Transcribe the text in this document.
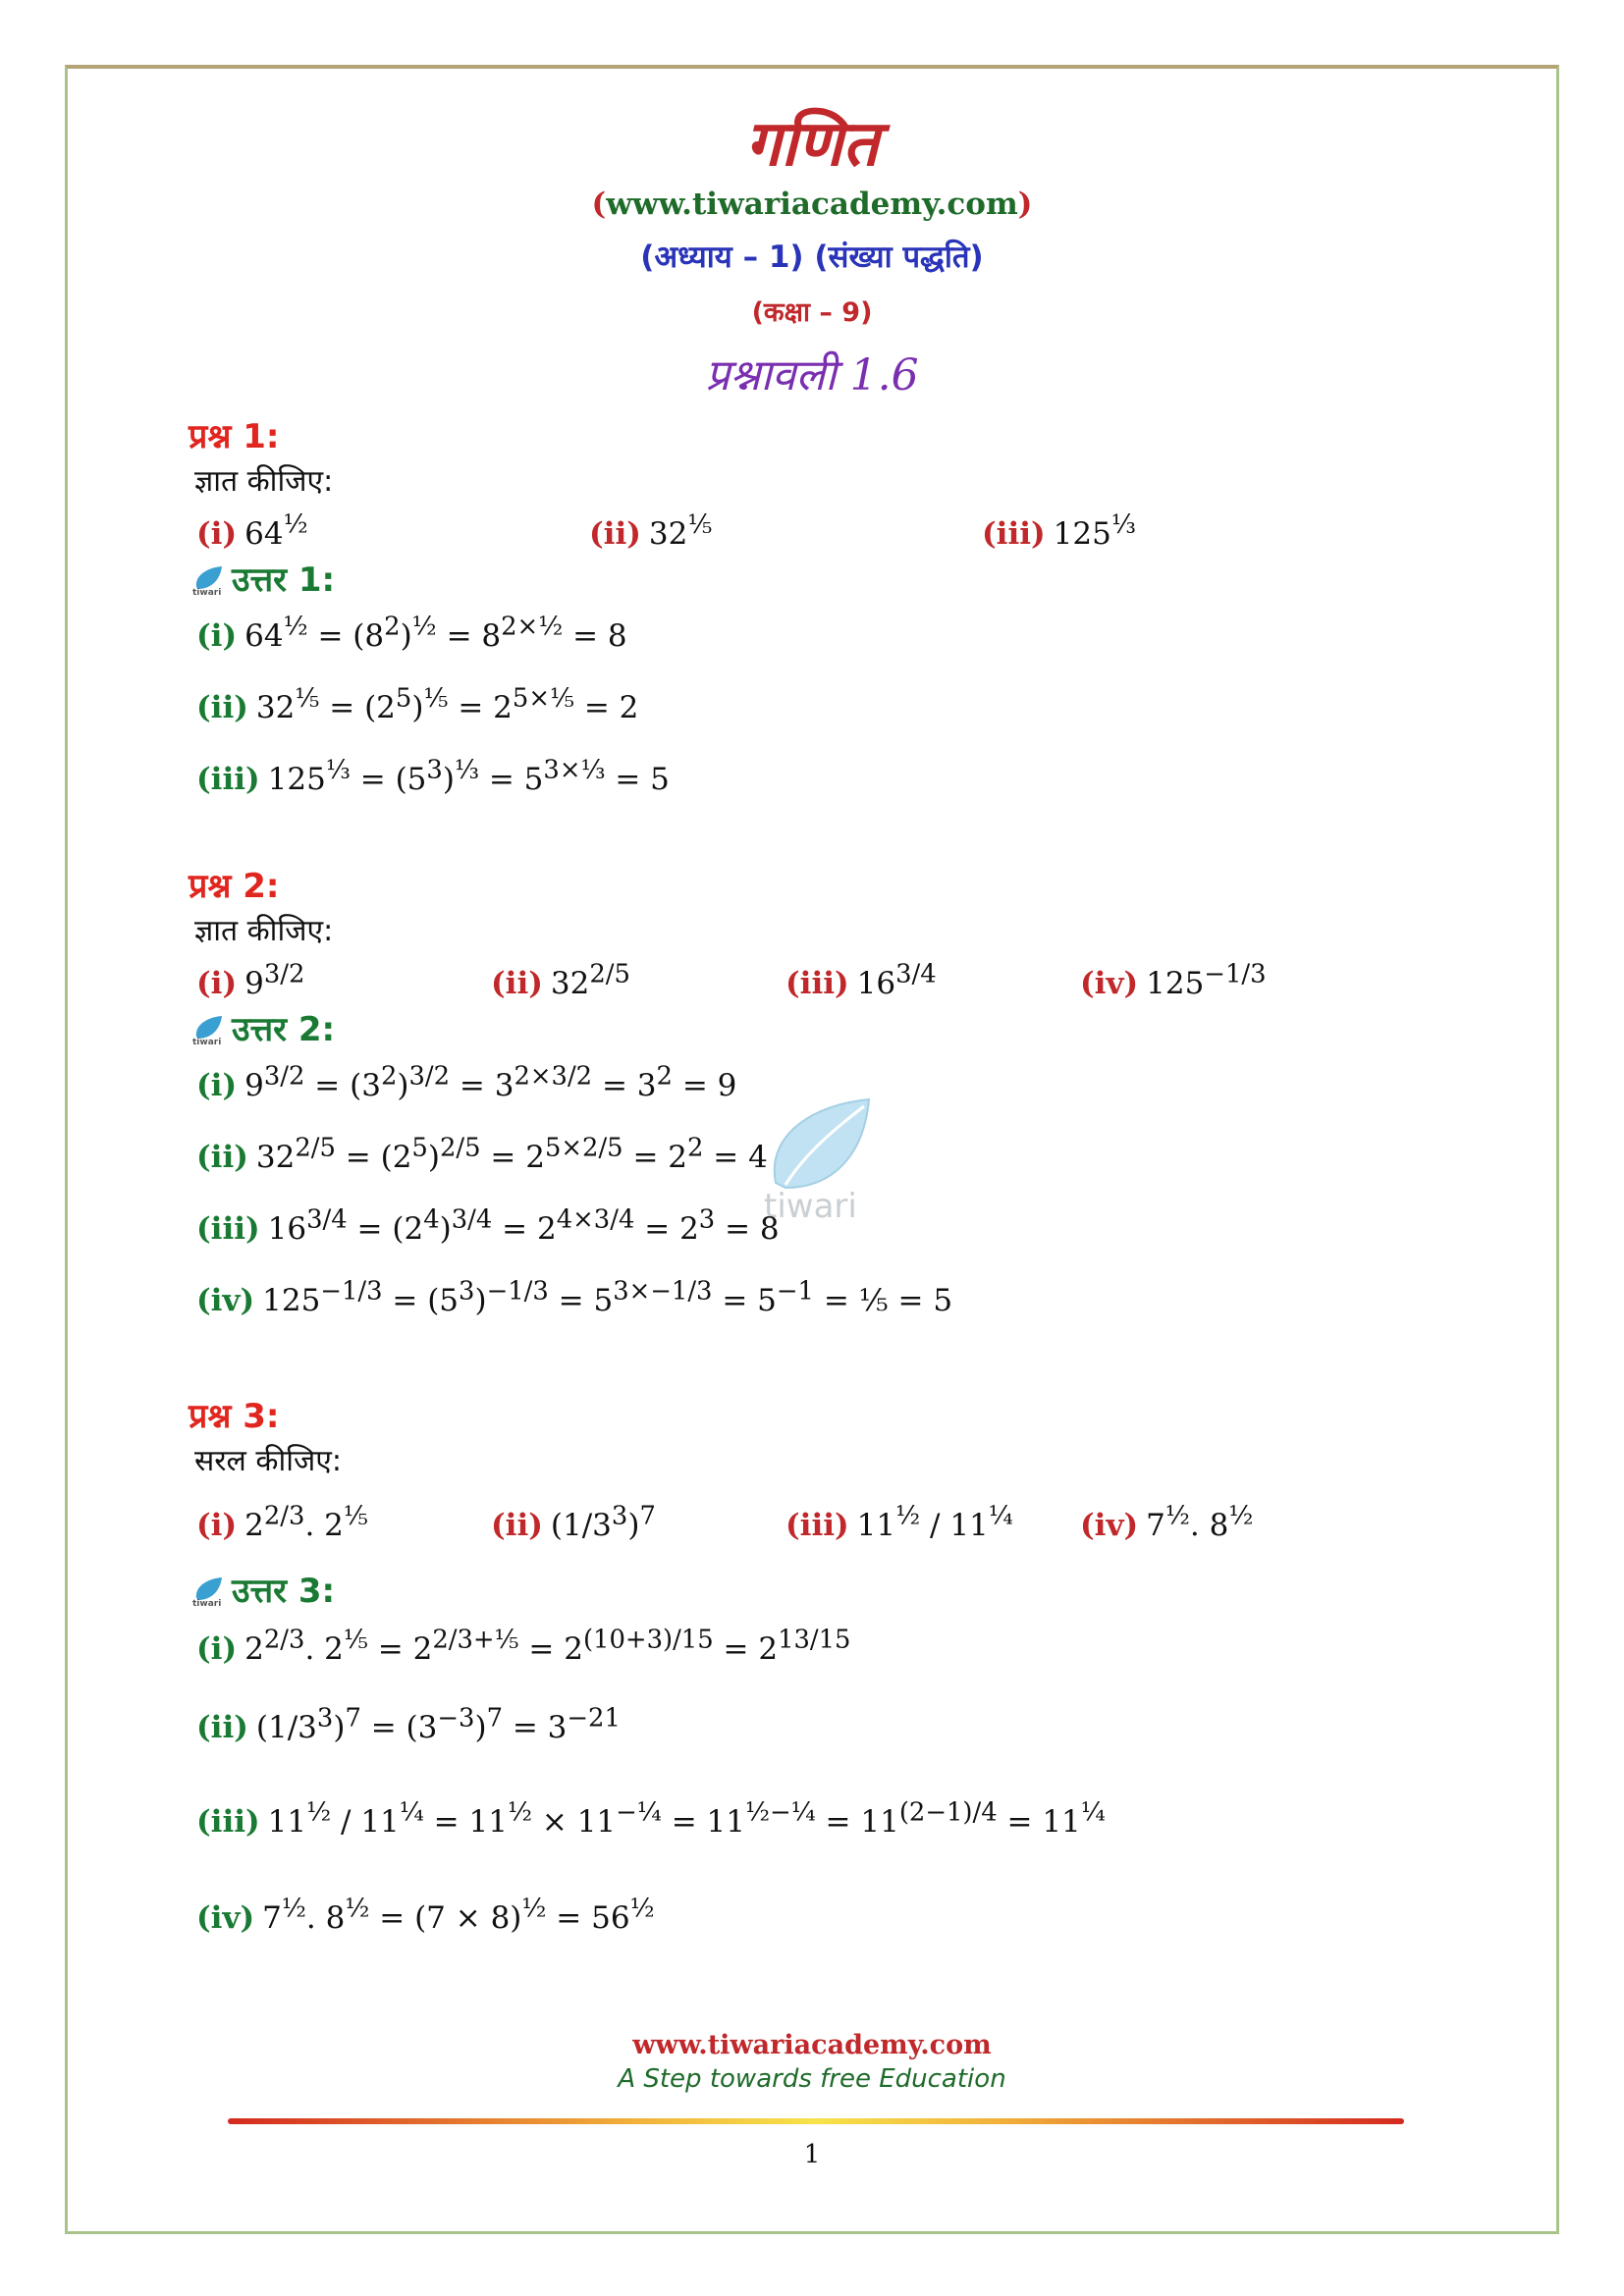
गणित
(www.tiwariacademy.com)
(अध्याय – 1) (संख्या पद्धति)
(कक्षा – 9)
प्रश्नावली 1.6
tiwari
प्रश्न 1:
ज्ञात कीजिए:
(i) $64^{\frac{1}{2}}$	(ii) $32^{\frac{1}{5}}$	(iii) $125^{\frac{1}{3}}$
tiwari उत्तर 1:
(i) $64^{\frac{1}{2}} = (8^2)^{\frac{1}{2}} = 8^{2\times\frac{1}{2}} = 8$
(ii) $32^{\frac{1}{5}} = (2^5)^{\frac{1}{5}} = 2^{5\times\frac{1}{5}} = 2$
(iii) $125^{\frac{1}{3}} = (5^3)^{\frac{1}{3}} = 5^{3\times\frac{1}{3}} = 5$
प्रश्न 2:
ज्ञात कीजिए:
(i) $9^{3/2}$	(ii) $32^{2/5}$	(iii) $16^{3/4}$	(iv) $125^{-1/3}$
tiwari उत्तर 2:
(i) $9^{3/2} = (3^2)^{3/2} = 3^{2\times 3/2} = 3^2 = 9$
(ii) $32^{2/5} = (2^5)^{2/5} = 2^{5\times 2/5} = 2^2 = 4$
(iii) $16^{3/4} = (2^4)^{3/4} = 2^{4\times 3/4} = 2^3 = 8$
(iv) $125^{-1/3} = (5^3)^{-1/3} = 5^{3\times-1/3} = 5^{-1}$ = ⅕ = 5
प्रश्न 3:
सरल कीजिए:
(i) $2^{2/3}$. $2^{\frac{1}{5}}$	(ii) $(1/3^3)^7$	(iii) $11^{\frac{1}{2}} / 11^{\frac{1}{4}}$ (iv) $7^{\frac{1}{2}}$. $8^{\frac{1}{2}}$
tiwari उत्तर 3:
(i) $2^{2/3}$. $2^{\frac{1}{5}} = 2^{2/3+\frac{1}{5}} = 2^{(10+3)/15} = 2^{13/15}$
(ii) $(1/3^3)^7 = (3^{-3})^7 = 3^{-21}$
(iii) $11^{\frac{1}{2}} / 11^{\frac{1}{4}} = 11^{\frac{1}{2}} \times 11^{-\frac{1}{4}} = 11^{\frac{1}{2}-\frac{1}{4}} = 11^{(2-1)/4} = 11^{\frac{1}{4}}$
(iv) $7^{\frac{1}{2}}$. $8^{\frac{1}{2}} = (7 \times 8)^{\frac{1}{2}} = 56^{\frac{1}{2}}$
www.tiwariacademy.com
A Step towards free Education
1
